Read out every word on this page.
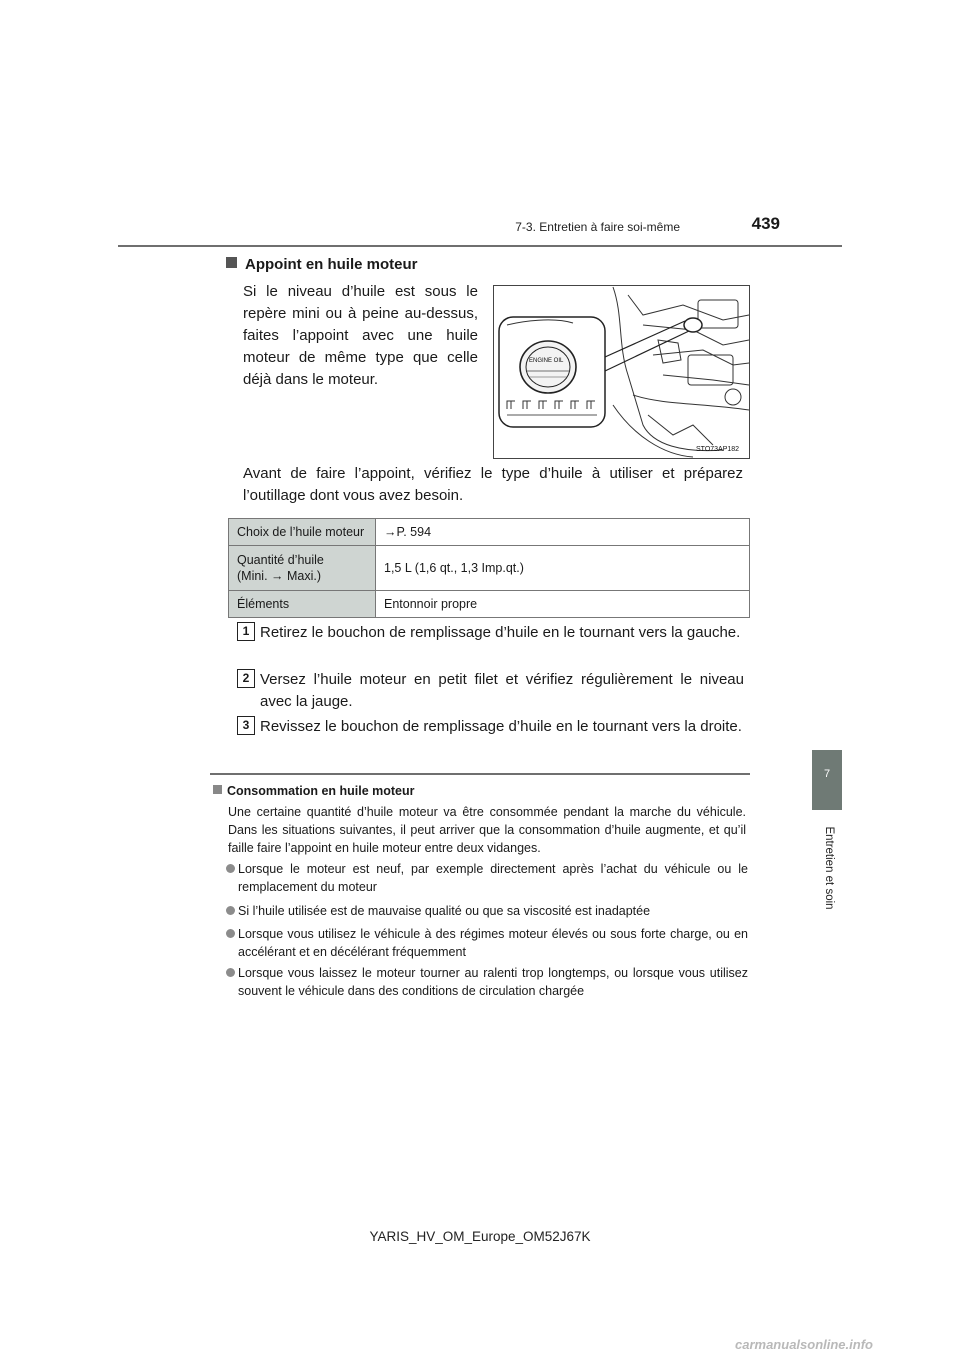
7-3. Entretien à faire soi-même	439
7
Entretien et soin
Appoint en huile moteur
Si le niveau d’huile est sous le repère mini ou à peine au-dessus, faites l’appoint avec une huile moteur de même type que celle déjà dans le moteur.
ENGINE OIL
STO73AP182
Avant de faire l’appoint, vérifiez le type d’huile à utiliser et préparez l’outillage dont vous avez besoin.
Choix de l’huile moteur	→P. 594

Quantité d’huile
(Mini. → Maxi.)	1,5 L (1,6 qt., 1,3 Imp.qt.)

Éléments	Entonnoir propre
1 Retirez le bouchon de remplissage d’huile en le tournant vers la gauche.
2 Versez l’huile moteur en petit filet et vérifiez régulièrement le niveau avec la jauge.
3 Revissez le bouchon de remplissage d’huile en le tournant vers la droite.
Consommation en huile moteur
Une certaine quantité d’huile moteur va être consommée pendant la marche du véhicule. Dans les situations suivantes, il peut arriver que la consommation d’huile augmente, et qu’il faille faire l’appoint en huile moteur entre deux vidanges.
Lorsque le moteur est neuf, par exemple directement après l’achat du véhicule ou le remplacement du moteur
Si l’huile utilisée est de mauvaise qualité ou que sa viscosité est inadaptée
Lorsque vous utilisez le véhicule à des régimes moteur élevés ou sous forte charge, ou en accélérant et en décélérant fréquemment
Lorsque vous laissez le moteur tourner au ralenti trop longtemps, ou lorsque vous utilisez souvent le véhicule dans des conditions de circulation chargée
YARIS_HV_OM_Europe_OM52J67K
carmanualsonline.info
